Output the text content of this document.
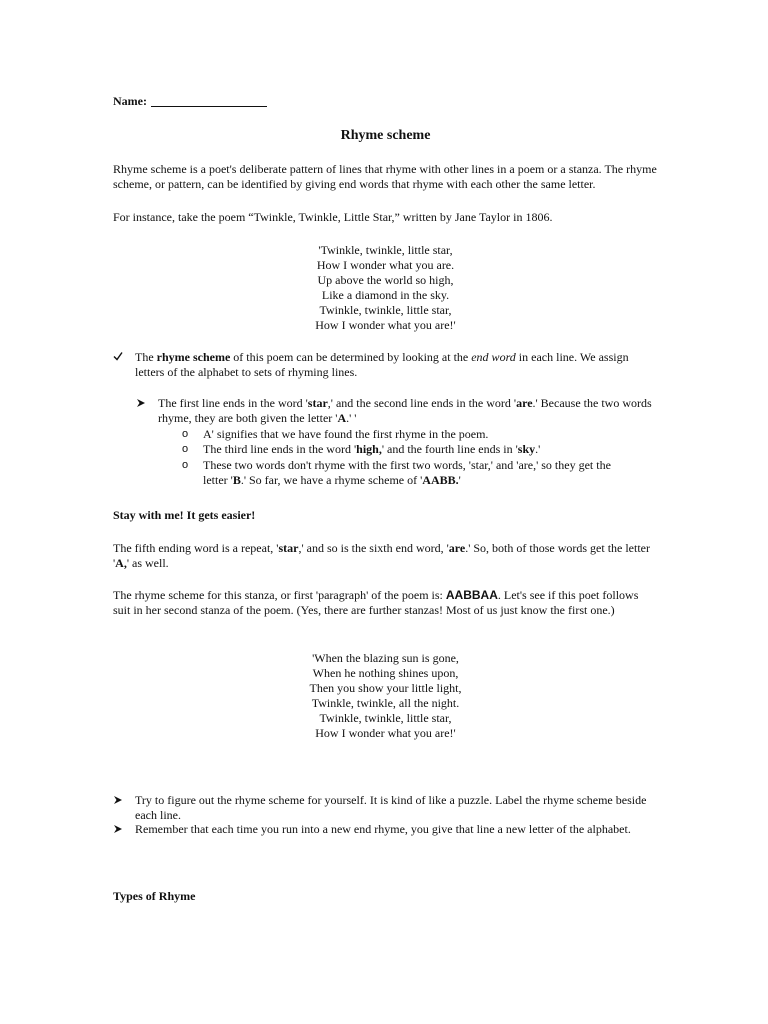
Name:
Rhyme scheme
Rhyme scheme is a poet's deliberate pattern of lines that rhyme with other lines in a poem or a stanza. The rhyme scheme, or pattern, can be identified by giving end words that rhyme with each other the same letter.
For instance, take the poem “Twinkle, Twinkle, Little Star,” written by Jane Taylor in 1806.
'Twinkle, twinkle, little star,
How I wonder what you are.
Up above the world so high,
Like a diamond in the sky.
Twinkle, twinkle, little star,
How I wonder what you are!'
The rhyme scheme of this poem can be determined by looking at the end word in each line. We assign letters of the alphabet to sets of rhyming lines.
The first line ends in the word 'star,' and the second line ends in the word 'are.' Because the two words rhyme, they are both given the letter 'A.' '
o A' signifies that we have found the first rhyme in the poem.
o The third line ends in the word 'high,' and the fourth line ends in 'sky.'
o These two words don't rhyme with the first two words, 'star,' and 'are,' so they get the letter 'B.' So far, we have a rhyme scheme of 'AABB.'
Stay with me! It gets easier!
The fifth ending word is a repeat, 'star,' and so is the sixth end word, 'are.' So, both of those words get the letter 'A,' as well.
The rhyme scheme for this stanza, or first 'paragraph' of the poem is: AABBAA. Let's see if this poet follows suit in her second stanza of the poem. (Yes, there are further stanzas! Most of us just know the first one.)
'When the blazing sun is gone,
When he nothing shines upon,
Then you show your little light,
Twinkle, twinkle, all the night.
Twinkle, twinkle, little star,
How I wonder what you are!'
Try to figure out the rhyme scheme for yourself. It is kind of like a puzzle. Label the rhyme scheme beside each line.
Remember that each time you run into a new end rhyme, you give that line a new letter of the alphabet.
Types of Rhyme
